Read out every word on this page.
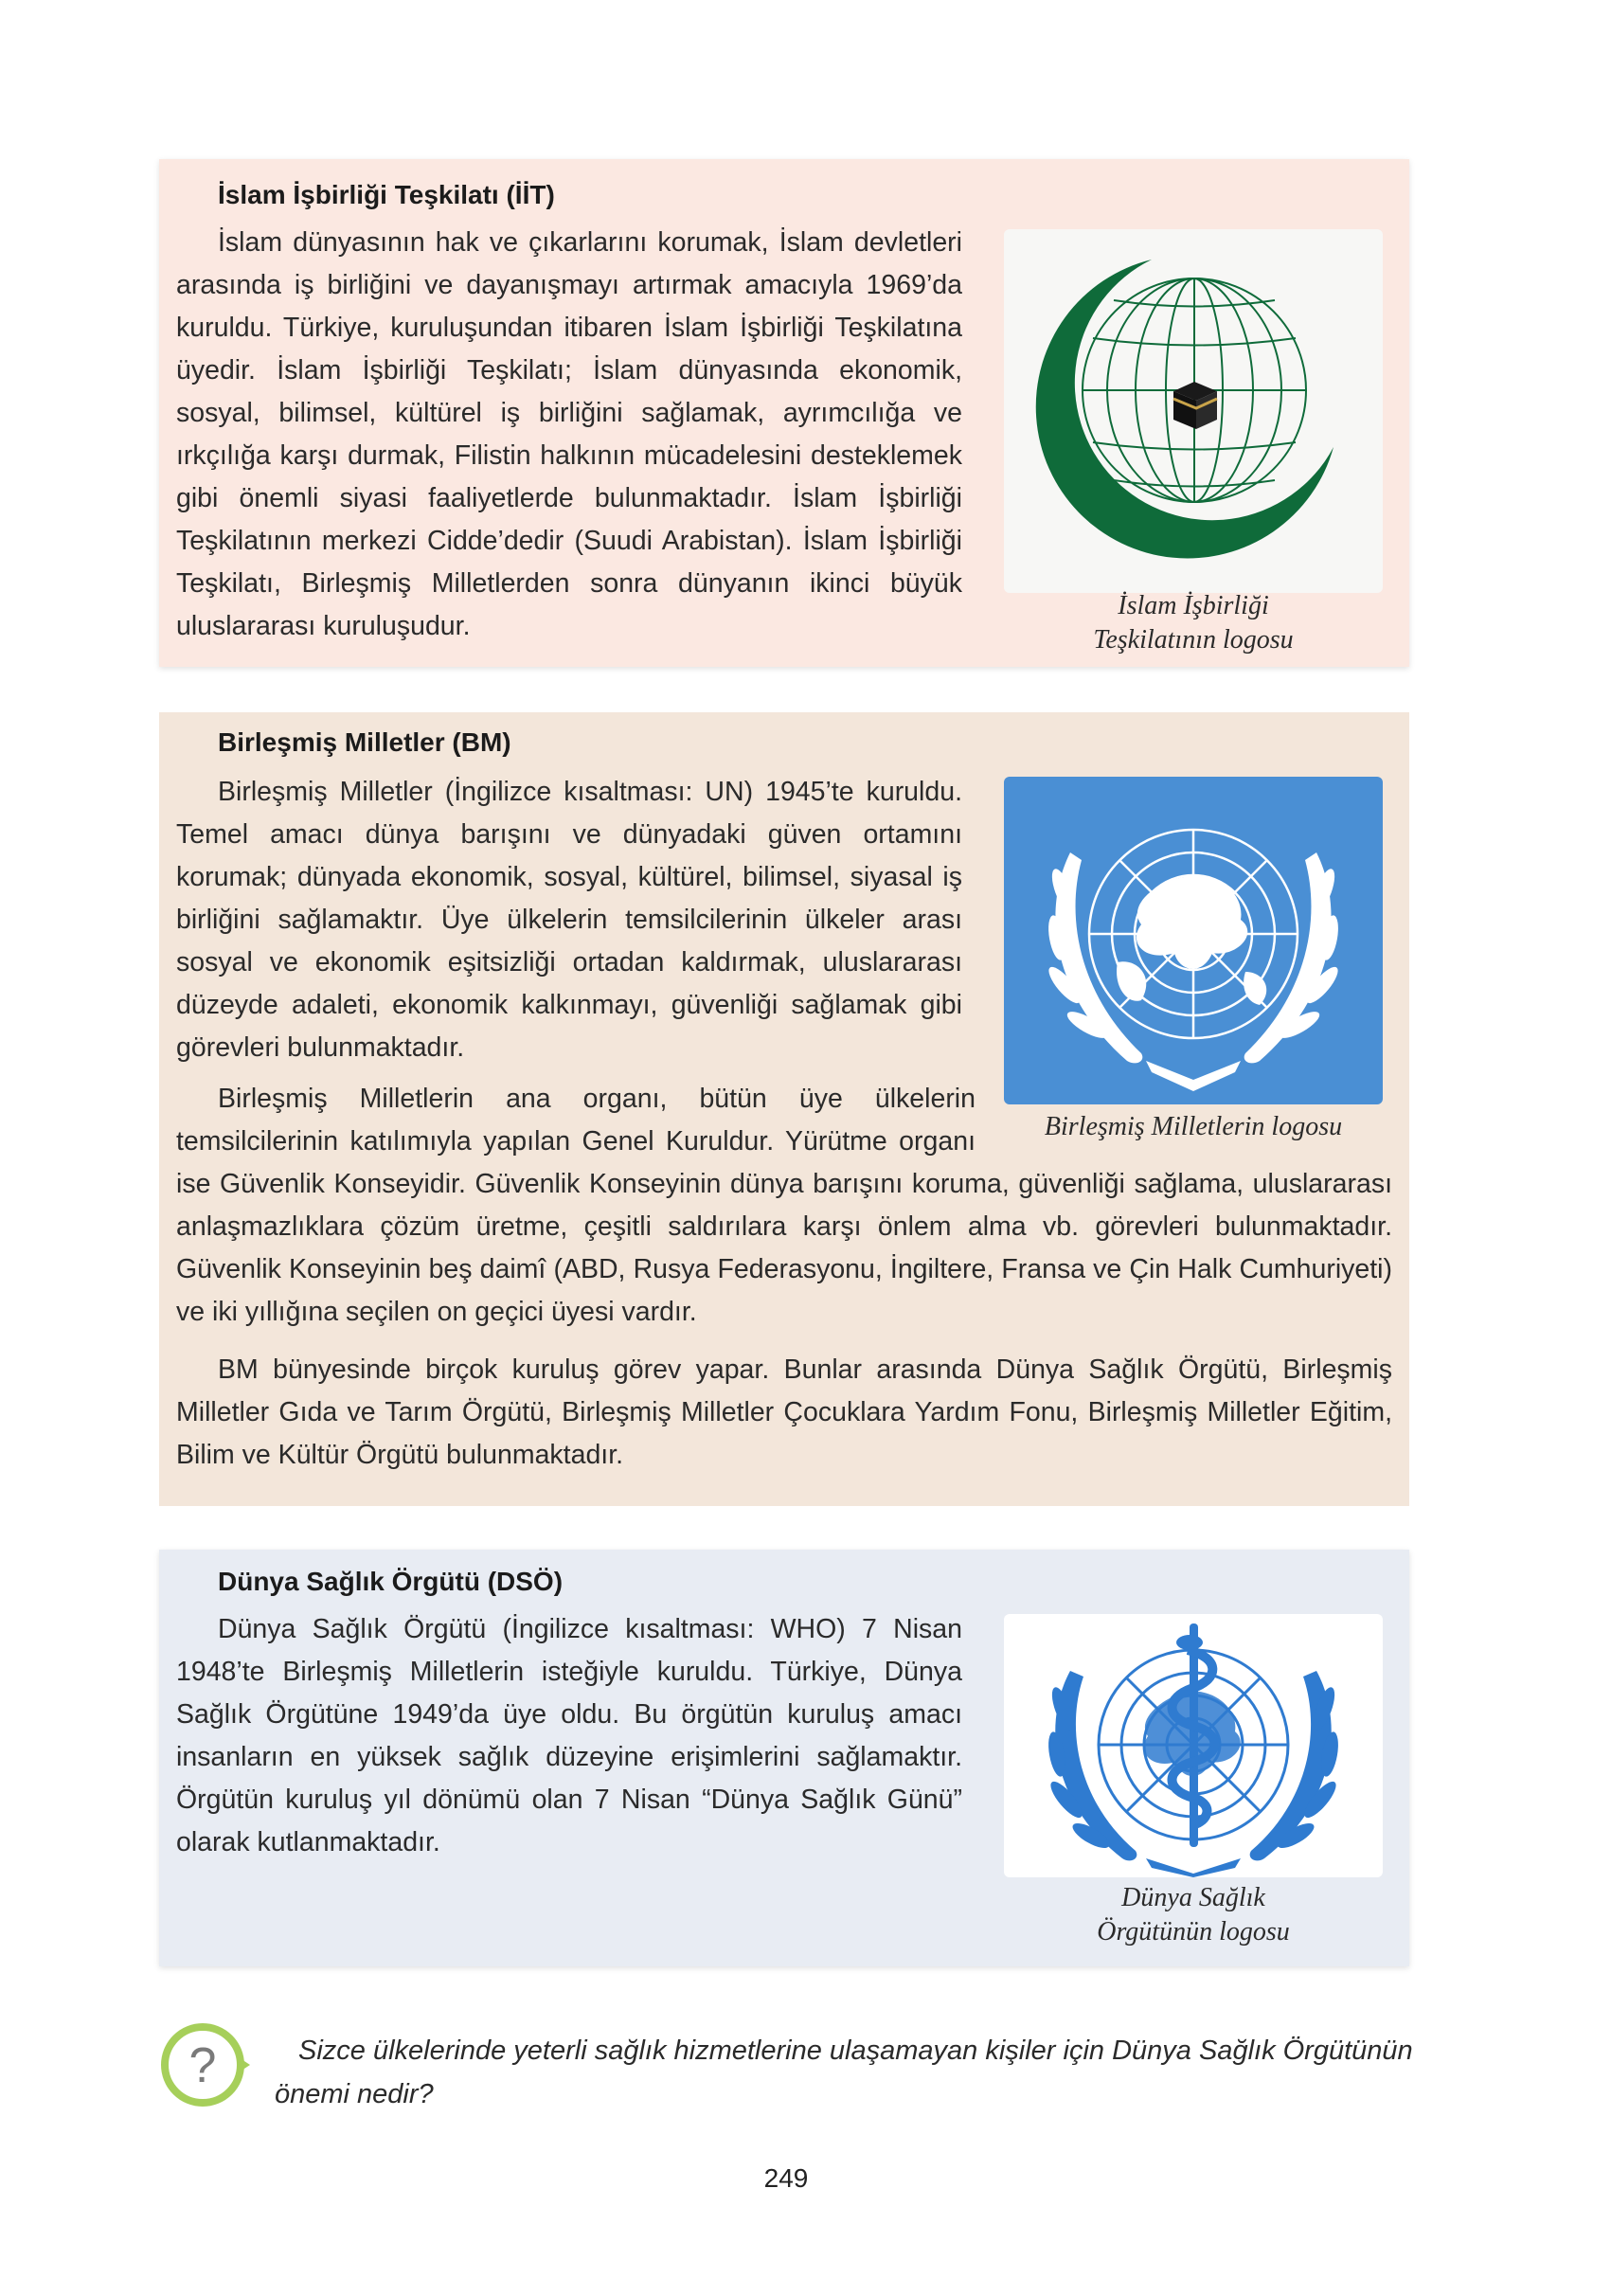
İslam İşbirliği Teşkilatı (İİT)

İslam dünyasının hak ve çıkarlarını korumak, İslam devletleri arasında iş birliğini ve dayanışmayı artırmak amacıyla 1969’da kuruldu. Türkiye, kuruluşundan itibaren İslam İşbirliği Teşkilatına üyedir. İslam İşbirliği Teşkilatı; İslam dünyasında ekonomik, sosyal, bilimsel, kültürel iş birliğini sağlamak, ayrımcılığa ve ırkçılığa karşı durmak, Filistin halkının mücadelesini desteklemek gibi önemli siyasi faaliyetlerde bulunmaktadır. İslam İşbirliği Teşkilatının merkezi Cidde’dedir (Suudi Arabistan). İslam İşbirliği Teşkilatı, Birleşmiş Milletlerden sonra dünyanın ikinci büyük uluslararası kuruluşudur.

İslam İşbirliği
Teşkilatının logosu
Birleşmiş Milletler (BM)

Birleşmiş Milletler (İngilizce kısaltması: UN) 1945’te kuruldu. Temel amacı dünya barışını ve dünyadaki güven ortamını korumak; dünyada ekonomik, sosyal, kültürel, bilimsel, siyasal iş birliğini sağlamaktır. Üye ülkelerin temsilcilerinin ülkeler arası sosyal ve ekonomik eşitsizliği ortadan kaldırmak, uluslararası düzeyde adaleti, ekonomik kalkınmayı, güvenliği sağlamak gibi görevleri bulunmaktadır.

Birleşmiş Milletlerin logosu

Birleşmiş Milletlerin ana organı, bütün üye ülkelerin temsilcilerinin katılımıyla yapılan Genel Kuruldur. Yürütme organı ise Güvenlik Konseyidir. Güvenlik Konseyinin dünya barışını koruma, güvenliği sağlama, uluslararası anlaşmazlıklara çözüm üretme, çeşitli saldırılara karşı önlem alma vb. görevleri bulunmaktadır. Güvenlik Konseyinin beş daimî (ABD, Rusya Federasyonu, İngiltere, Fransa ve Çin Halk Cumhuriyeti) ve iki yıllığına seçilen on geçici üyesi vardır.

BM bünyesinde birçok kuruluş görev yapar. Bunlar arasında Dünya Sağlık Örgütü, Birleşmiş Milletler Gıda ve Tarım Örgütü, Birleşmiş Milletler Çocuklara Yardım Fonu, Birleşmiş Milletler Eğitim, Bilim ve Kültür Örgütü bulunmaktadır.

Dünya Sağlık Örgütü (DSÖ)

Dünya Sağlık Örgütü (İngilizce kısaltması: WHO) 7 Nisan 1948’te Birleşmiş Milletlerin isteğiyle kuruldu. Türkiye, Dünya Sağlık Örgütüne 1949’da üye oldu. Bu örgütün kuruluş amacı insanların en yüksek sağlık düzeyine erişimlerini sağlamaktır. Örgütün kuruluş yıl dönümü olan 7 Nisan “Dünya Sağlık Günü” olarak kutlanmaktadır.

Dünya Sağlık
Örgütünün logosu
?	Sizce ülkelerinde yeterli sağlık hizmetlerine ulaşamayan kişiler için Dünya Sağlık Örgütünün önemi nedir?

249
